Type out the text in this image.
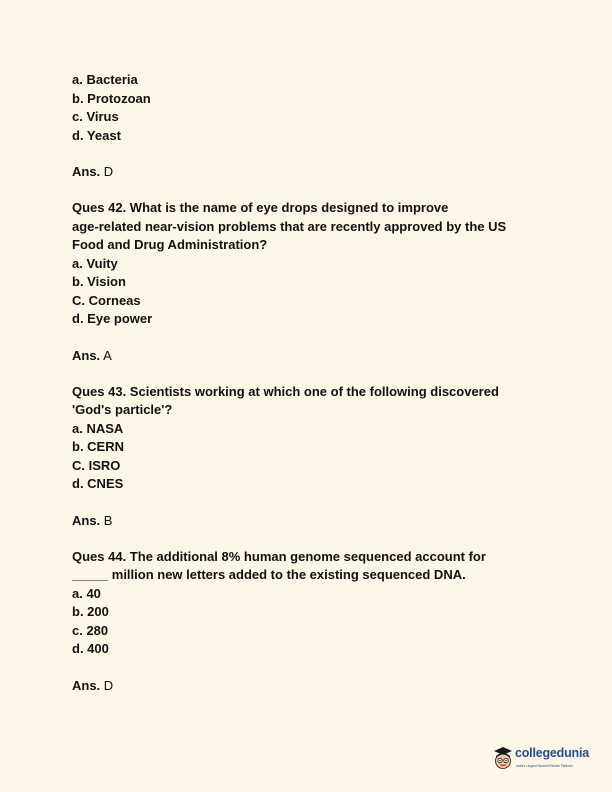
a. Bacteria

b. Protozoan

c. Virus

d. Yeast

Ans. D

Ques 42. What is the name of eye drops designed to improve

age-related near-vision problems that are recently approved by the US

Food and Drug Administration?

a. Vuity

b. Vision

C. Corneas

d. Eye power

Ans. A

Ques 43. Scientists working at which one of the following discovered

'God's particle'?

a. NASA

b. CERN

C. ISRO

d. CNES

Ans. B

Ques 44. The additional 8% human genome sequenced account for

_____ million new letters added to the existing sequenced DNA.

a. 40

b. 200

c. 280

d. 400

Ans. D

collegedunia
India's Largest Student Review Platform
